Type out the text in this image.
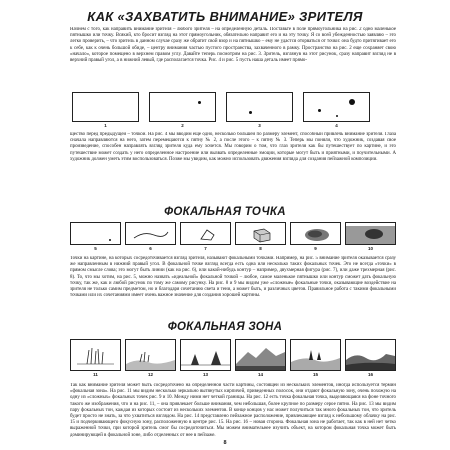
КАК «ЗАХВАТИТЬ ВНИМАНИЕ» ЗРИТЕЛЯ

Начнем с того, как направить внимание зрителя – любого зрителя – на определенную деталь. Поставьте в поле прямоугольника на рис. 2 одно маленькое пятнышко или точку. Всякий, кто бросит взгляд на этот прямоугольник, обязательно направит его и на эту точку. Я со всей убежденностью заявляю – это легко проверить, – что зритель в данном случае сразу же обратит свой взор и на пятнышко – ему не удастся оторваться от точки: она будто притягивает его к себе, как к очень большой обиде, – центру внимания частью пустого пространства, захваченного в рамку. Пространство на рис. 2 еще сохраняет свою «начало», которое помещено в верхнем правом углу. Давайте теперь посмотрим на рис. 3. Зритель, взглянув на этот рисунок, сразу направит взгляд не в верхний правый угол, а в нижний левый, где располагается точка. Рис. 4 и рис. 5 пусть наша деталь имеет прямо-

1	2	3	4

щество перед предыдущей – точкой. На рис. 4 мы вводим еще одно, несколько большей по размеру элемент, способный привлечь внимание зрителя. Глаза сначала направляются на него, затем перемещаются к пятну № 2, а после этого – к пятну № 3. Теперь мы поняли, что художник, создавая свое произведение, способен направлять взгляд зрителя куда ему хочется. Мы говорим о том, что глаз зрителя как бы путешествует по картине, и это путешествие может создать у него определенное настроение или вызвать определенные эмоции, которые могут быть и приятными, и поучительными. А художник должен уметь этим воспользоваться. Позже мы увидим, как можно использовать движения взгляда для создания пейзажной композиции.

ФОКАЛЬНАЯ ТОЧКА
5	6	7	8	9	10

Точки на картине, на которых сосредоточивается взгляд зрителя, называют фокальными точками. Например, на рис. 5 внимание зрителя оказывается сразу же направленным в нижний правый угол. В фокальной точке взгляд всегда есть одна или несколько таких фокальных точек. Это не всегда «точки» в прямом смысле слова; это могут быть линии (как на рис. 6), или какой-нибудь контур – например, двухмерная фигура (рис. 7), или даже трехмерная (рис. 8). То, что мы хотим, на рис. 5, можно назвать «идеальной» фокальной точкой – любое, самое маленькое пятнышко или контур сможет дать фокальную точку, так же, как и любой рисунок по тому же самому рисунку. На рис. 8 и 9 мы видим уже «сложные» фокальные точки, оказывающие воздействие на зрителя не только самим предметом, но и благодаря сочетанию света и тени, а может быть, и различных цветов. Правильное работа с такими фокальными точками или их сочетаниями имеет очень важное значение для создания хорошей картины.

ФОКАЛЬНАЯ ЗОНА
11	12	13	14	15	16

Так как внимание зрителя может быть сосредоточено на определенной части картины, состоящей из нескольких элементов, иногда используется термин «фокальная зона». На рис. 11 мы видим несколько зеркально вытянутых кирпичей, приведенных полосок, они отдают фокальную зону, очень похожую на одну из «сложных» фокальных точек рис. 9 и 10. Между ними нет четкой границы. На рис. 12 есть точка фокальная точка, выделяющаяся на фоне точного такого же изображения, что и на рис. 11, – она привлекает больше внимания, чем небольшая, более крупное по размеру серое пятно. На рис. 13 мы видим пару фокальных тон, каждая из которых состоит из нескольких элементов. В конце концов у нас может получиться так много фокальных тон, что зритель будет просто не знать, за что ухватиться взглядом. На рис. 14 представлено пейзажное расположение, привлекающее взгляд к небольшому облачку на рис. 15 и подчеркивающего фокусную зону, расположенную в центре рис. 15. На рис. 16 – новая сторона. Фокальная зона не работает, так как в ней нет четко выраженной точки, при которой зритель смог бы сосредоточиться. Мы можем внимательнее изучить объект, на котором фокальная точка может быть доминирующей в фокальной зоне, либо отделенных от нее в пейзаже.

8
